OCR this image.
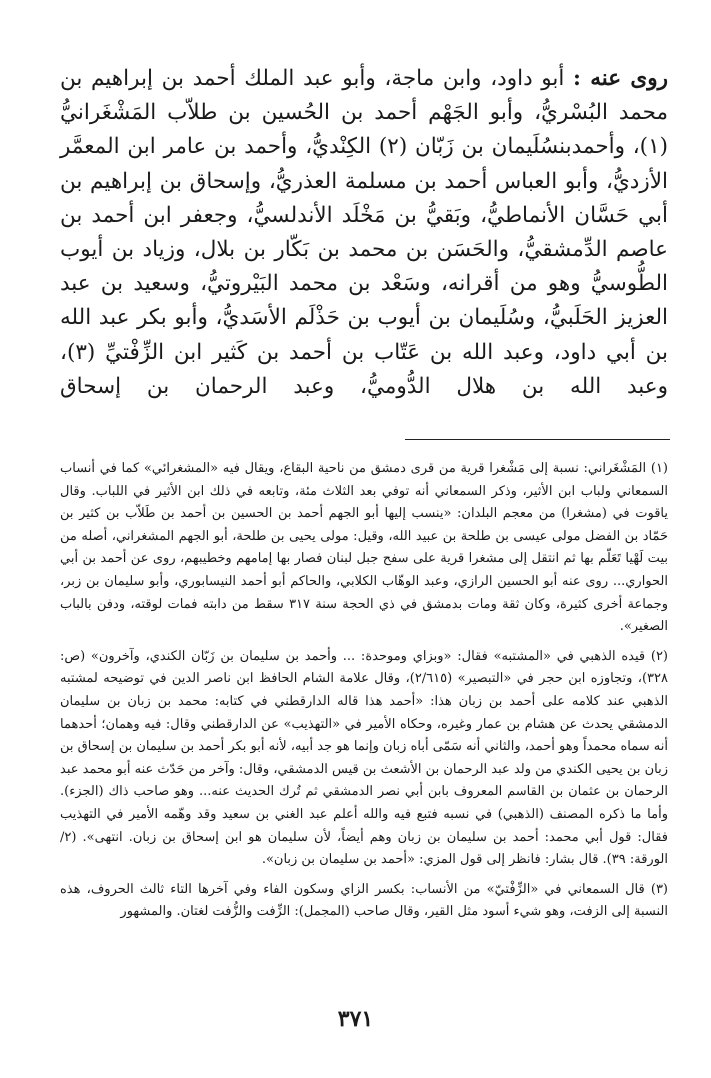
روى عنه : أبو داود، وابن ماجة، وأبو عبد الملك أحمد بن إبراهيم بن محمد البُسْريُّ، وأبو الجَهْم أحمد بن الحُسين بن طلاّب المَشْغَرانيُّ (١)، وأحمدبنسُلَيمان بن زَبّان (٢) الكِنْديُّ، وأحمد بن عامر ابن المعمَّر الأزديُّ، وأبو العباس أحمد بن مسلمة العذريُّ، وإسحاق بن إبراهيم بن أبي حَسَّان الأنماطيُّ، وبَقيُّ بن مَخْلَد الأندلسيُّ، وجعفر ابن أحمد بن عاصم الدِّمشقيُّ، والحَسَن بن محمد بن بَكّار بن بلال، وزياد بن أيوب الطُّوسيُّ وهو من أقرانه، وسَعْد بن محمد البَيْروتيُّ، وسعيد بن عبد العزيز الحَلَبيُّ، وسُلَيمان بن أيوب بن حَذْلَم الأسَديُّ، وأبو بكر عبد الله بن أبي داود، وعبد الله بن عَتّاب بن أحمد بن كَثير ابن الزِّفْتيِّ (٣)، وعبد الله بن هلال الدُّوميُّ، وعبد الرحمان بن إسحاق

(١) المَشْغَراني: نسبة إلى مَشْغرا قرية من قرى دمشق من ناحية البقاع، ويقال فيه «المشغرائي» كما في أنساب السمعاني ولباب ابن الأثير، وذكر السمعاني أنه توفي بعد الثلاث مئة، وتابعه في ذلك ابن الأثير في اللباب. وقال ياقوت في (مشغرا) من معجم البلدان: «ينسب إليها أبو الجهم أحمد بن الحسين بن أحمد بن طَلاّب بن كثير بن حَمّاد بن الفضل مولى عيسى بن طلحة بن عبيد الله، وقيل: مولى يحيى بن طلحة، أبو الجهم المشغراني، أصله من بيت لَهْيا تَعَلّم بها ثم انتقل إلى مشغرا قرية على سفح جبل لبنان فصار بها إمامهم وخطيبهم، روى عن أحمد بن أبي الحواري... روى عنه أبو الحسين الرازي، وعبد الوهّاب الكلابي، والحاكم أبو أحمد النيسابوري، وأبو سليمان بن زبر، وجماعة أخرى كثيرة، وكان ثقة ومات بدمشق في ذي الحجة سنة ٣١٧ سقط من دابته فمات لوقته، ودفن بالباب الصغير».

(٢) قيده الذهبي في «المشتبه» فقال: «وبزاي وموحدة: ... وأحمد بن سليمان بن زَبّان الكندي، وآخرون» (ص: ٣٢٨)، وتجاوزه ابن حجر في «التبصير» (٢/٦١٥)، وقال علامة الشام الحافظ ابن ناصر الدين في توضيحه لمشتبه الذهبي عند كلامه على أحمد بن زبان هذا: «أحمد هذا قاله الدارقطني في كتابه: محمد بن زبان بن سليمان الدمشقي يحدث عن هشام بن عمار وغيره، وحكاه الأمير في «التهذيب» عن الدارقطني وقال: فيه وهمان؛ أحدهما أنه سماه محمداً وهو أحمد، والثاني أنه سَمّى أباه زبان وإنما هو جد أبيه، لأنه أبو بكر أحمد بن سليمان بن إسحاق بن زبان بن يحيى الكندي من ولد عبد الرحمان بن الأشعث بن قيس الدمشقي، وقال: وآخر من حَدّث عنه أبو محمد عبد الرحمان بن عثمان بن القاسم المعروف بابن أبي نصر الدمشقي ثم تُرك الحديث عنه... وهو صاحب ذاك (الجزء). وأما ما ذكره المصنف (الذهبي) في نسبه فتبع فيه والله أعلم عبد الغني بن سعيد وقد وهّمه الأمير في التهذيب فقال: قول أبي محمد: أحمد بن سليمان بن زبان وهم أيضاً، لأن سليمان هو ابن إسحاق بن زبان. انتهى». (٢/الورقة: ٣٩). قال بشار: فانظر إلى قول المزي: «أحمد بن سليمان بن زبان».

(٣) قال السمعاني في «الزِّفْتيّ» من الأنساب: بكسر الزاي وسكون الفاء وفي آخرها التاء ثالث الحروف، هذه النسبة إلى الزفت، وهو شيء أسود مثل القير، وقال صاحب (المجمل): الزِّفت والزُّفت لغتان. والمشهور

٣٧١
